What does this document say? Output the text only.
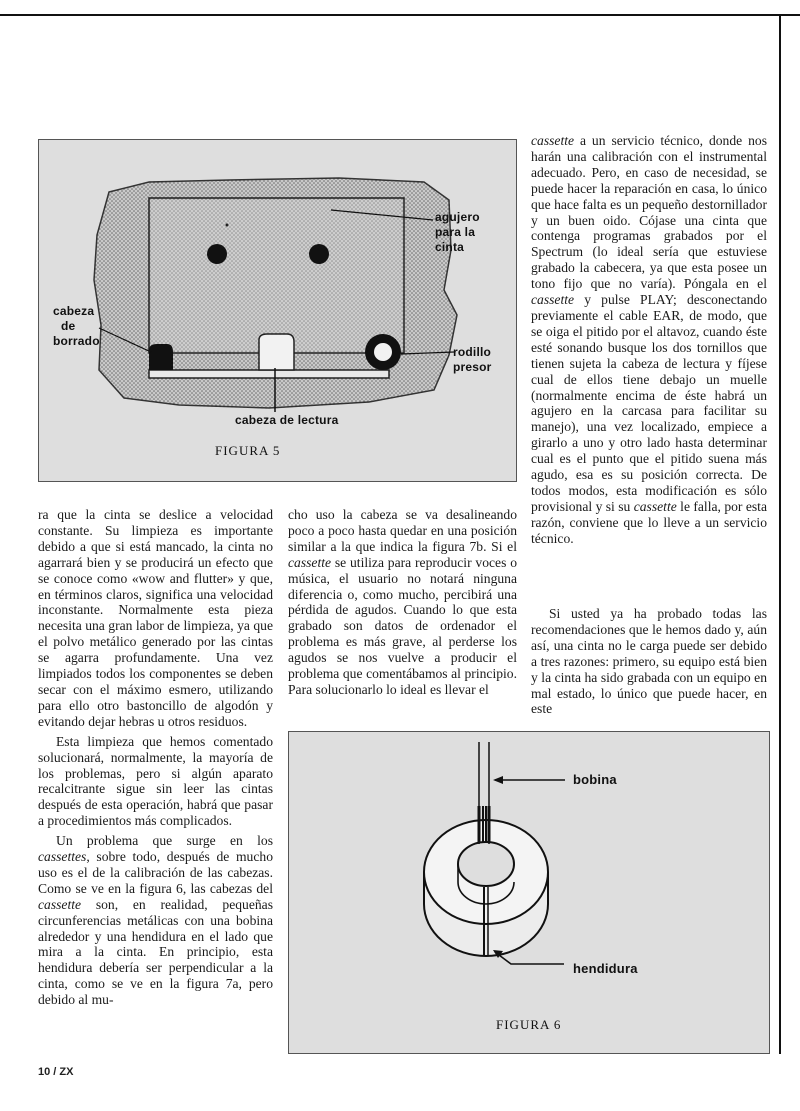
agujero
para la
cinta
cabeza
de
borrado
rodillo
presor
cabeza de lectura
FIGURA 5
bobina
hendidura
FIGURA 6

ra que la cinta se deslice a velocidad constante. Su limpieza es importante debido a que si está mancado, la cinta no agarrará bien y se producirá un efecto que se conoce como «wow and flutter» y que, en términos claros, significa una velocidad inconstante. Normalmente esta pieza necesita una gran labor de limpieza, ya que el polvo metálico generado por las cintas se agarra profundamente. Una vez limpiados todos los componentes se deben secar con el máximo esmero, utilizando para ello otro bastoncillo de algodón y evitando dejar hebras u otros residuos.

Esta limpieza que hemos comentado solucionará, normalmente, la mayoría de los problemas, pero si algún aparato recalcitrante sigue sin leer las cintas después de esta operación, habrá que pasar a procedimientos más complicados.

Un problema que surge en los cassettes, sobre todo, después de mucho uso es el de la calibración de las cabezas. Como se ve en la figura 6, las cabezas del cassette son, en realidad, pequeñas circunferencias metálicas con una bobina alrededor y una hendidura en el lado que mira a la cinta. En principio, esta hendidura debería ser perpendicular a la cinta, como se ve en la figura 7a, pero debido al mu-

cho uso la cabeza se va desalineando poco a poco hasta quedar en una posición similar a la que indica la figura 7b. Si el cassette se utiliza para reproducir voces o música, el usuario no notará ninguna diferencia o, como mucho, percibirá una pérdida de agudos. Cuando lo que esta grabado son datos de ordenador el problema es más grave, al perderse los agudos se nos vuelve a producir el problema que comentábamos al principio. Para solucionarlo lo ideal es llevar el

cassette a un servicio técnico, donde nos harán una calibración con el instrumental adecuado. Pero, en caso de necesidad, se puede hacer la reparación en casa, lo único que hace falta es un pequeño destornillador y un buen oido. Cójase una cinta que contenga programas grabados por el Spectrum (lo ideal sería que estuviese grabado la cabecera, ya que esta posee un tono fijo que no varía). Póngala en el cassette y pulse PLAY; desconectando previamente el cable EAR, de modo, que se oiga el pitido por el altavoz, cuando éste esté sonando busque los dos tornillos que tienen sujeta la cabeza de lectura y fíjese cual de ellos tiene debajo un muelle (normalmente encima de éste habrá un agujero en la carcasa para facilitar su manejo), una vez localizado, empiece a girarlo a uno y otro lado hasta determinar cual es el punto que el pitido suena más agudo, esa es su posición correcta. De todos modos, esta modificación es sólo provisional y si su cassette le falla, por esta razón, conviene que lo lleve a un servicio técnico.

Si usted ya ha probado todas las recomendaciones que le hemos dado y, aún así, una cinta no le carga puede ser debido a tres razones: primero, su equipo está bien y la cinta ha sido grabada con un equipo en mal estado, lo único que puede hacer, en este

10 / ZX
